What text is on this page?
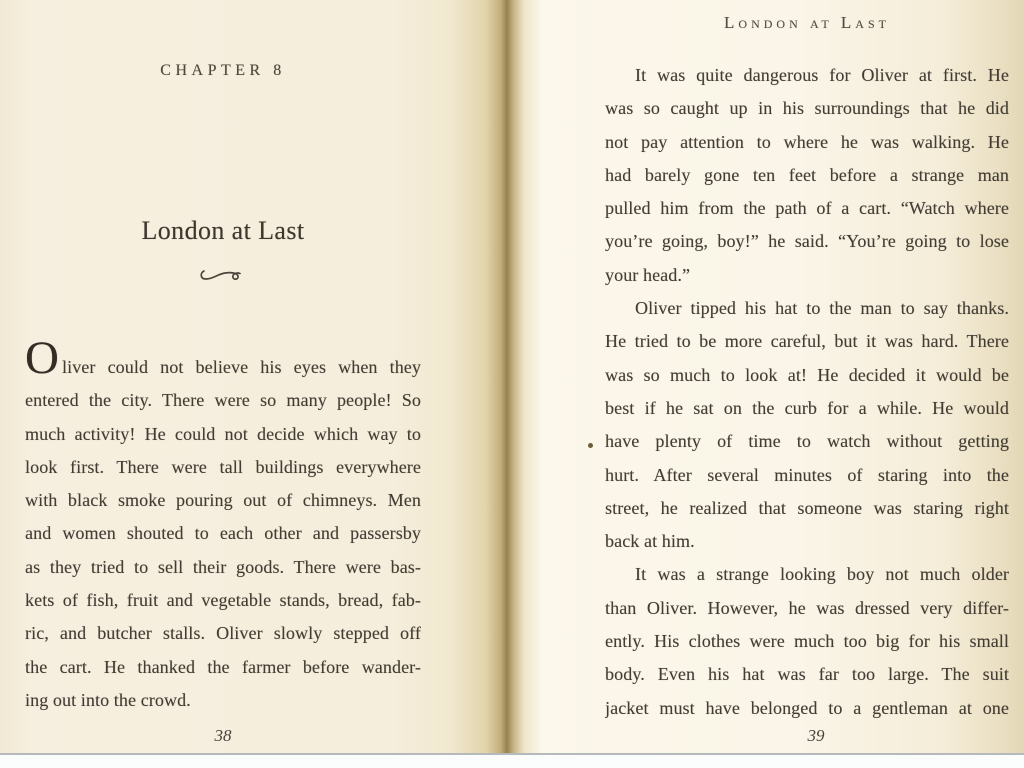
CHAPTER 8
London at Last
O liver could not believe his eyes when they
entered the city. There were so many people! So
much activity! He could not decide which way to
look first. There were tall buildings everywhere
with black smoke pouring out of chimneys. Men
and women shouted to each other and passersby
as they tried to sell their goods. There were bas-
kets of fish, fruit and vegetable stands, bread, fab-
ric, and butcher stalls. Oliver slowly stepped off
the cart. He thanked the farmer before wander-
ing out into the crowd.
38
London at Last
It was quite dangerous for Oliver at first. He
was so caught up in his surroundings that he did
not pay attention to where he was walking. He
had barely gone ten feet before a strange man
pulled him from the path of a cart. “Watch where
you’re going, boy!” he said. “You’re going to lose
your head.”
Oliver tipped his hat to the man to say thanks.
He tried to be more careful, but it was hard. There
was so much to look at! He decided it would be
best if he sat on the curb for a while. He would
have plenty of time to watch without getting
hurt. After several minutes of staring into the
street, he realized that someone was staring right
back at him.
It was a strange looking boy not much older
than Oliver. However, he was dressed very differ-
ently. His clothes were much too big for his small
body. Even his hat was far too large. The suit
jacket must have belonged to a gentleman at one
39
